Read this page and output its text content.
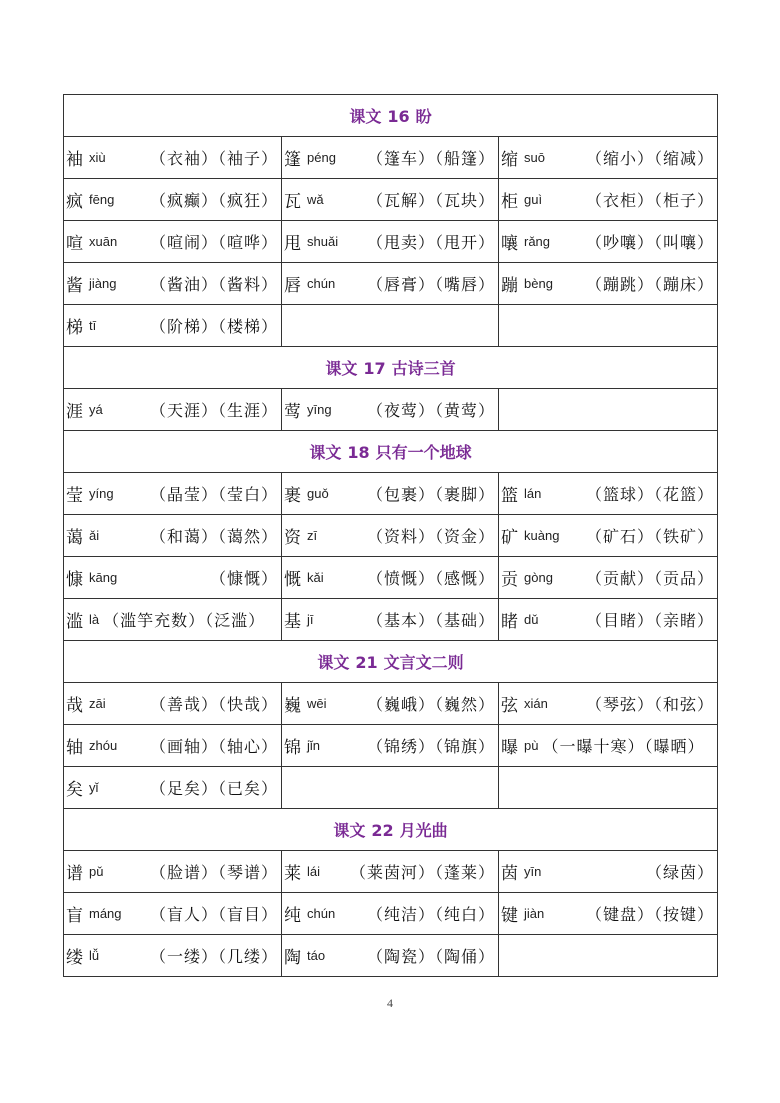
课文 16 盼		

袖 xiù （衣袖）（袖子）	篷 péng （篷车）（船篷）	缩 suō （缩小）（缩减）

疯 fēng （疯癫）（疯狂）	瓦 wǎ （瓦解）（瓦块）	柜 guì （衣柜）（柜子）

喧 xuān （喧闹）（喧哗）	甩 shuǎi （甩卖）（甩开）	嚷 rǎng （吵嚷）（叫嚷）

酱 jiàng （酱油）（酱料）	唇 chún （唇膏）（嘴唇）	蹦 bèng （蹦跳）（蹦床）

梯 tī （阶梯）（楼梯）		

课文 17 古诗三首		

涯 yá （天涯）（生涯）	莺 yīng （夜莺）（黄莺）	

课文 18 只有一个地球		

莹 yíng （晶莹）（莹白）	裹 guǒ （包裹）（裹脚）	篮 lán （篮球）（花篮）

蔼 ǎi （和蔼）（蔼然）	资 zī （资料）（资金）	矿 kuàng （矿石）（铁矿）

慷 kāng （慷慨）	慨 kǎi （愤慨）（感慨）	贡 gòng （贡献）（贡品）

滥 là （滥竽充数）（泛滥）	基 jī （基本）（基础）	睹 dǔ （目睹）（亲睹）

课文 21 文言文二则		

哉 zāi （善哉）（快哉）	巍 wēi （巍峨）（巍然）	弦 xián （琴弦）（和弦）

轴 zhóu （画轴）（轴心）	锦 jǐn （锦绣）（锦旗）	曝 pù （一曝十寒）（曝晒）

矣 yǐ （足矣）（已矣）		

课文 22 月光曲		

谱 pǔ （脸谱）（琴谱）	莱 lái （莱茵河）（蓬莱）	茵 yīn （绿茵）

盲 máng （盲人）（盲目）	纯 chún （纯洁）（纯白）	键 jiàn （键盘）（按键）

缕 lǚ （一缕）（几缕）	陶 táo （陶瓷）（陶俑）	

4
